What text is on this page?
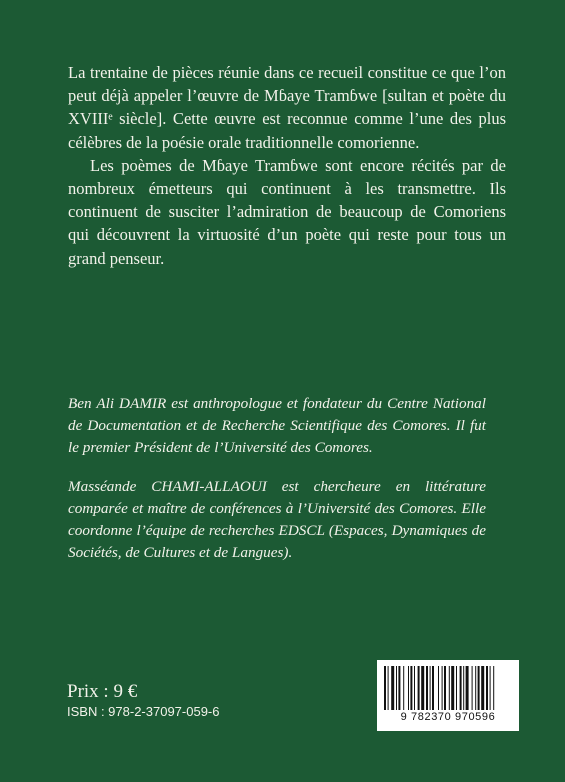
La trentaine de pièces réunie dans ce recueil constitue ce que l’on peut déjà appeler l’œuvre de Mɓaye Tramɓwe [sultan et poète du XVIIIᵉ siècle]. Cette œuvre est reconnue comme l’une des plus célèbres de la poésie orale traditionnelle comorienne.

Les poèmes de Mɓaye Tramɓwe sont encore récités par de nombreux émetteurs qui continuent à les transmettre. Ils continuent de susciter l’admiration de beaucoup de Comoriens qui découvrent la virtuosité d’un poète qui reste pour tous un grand penseur.

Ben Ali DAMIR est anthropologue et fondateur du Centre National de Documentation et de Recherche Scientifique des Comores. Il fut le premier Président de l’Université des Comores.

Masséande CHAMI-ALLAOUI est chercheure en littérature comparée et maître de conférences à l’Université des Comores. Elle coordonne l’équipe de recherches EDSCL (Espaces, Dynamiques de Sociétés, de Cultures et de Langues).

Prix : 9 €
ISBN : 978-2-37097-059-6	9 782370 970596
